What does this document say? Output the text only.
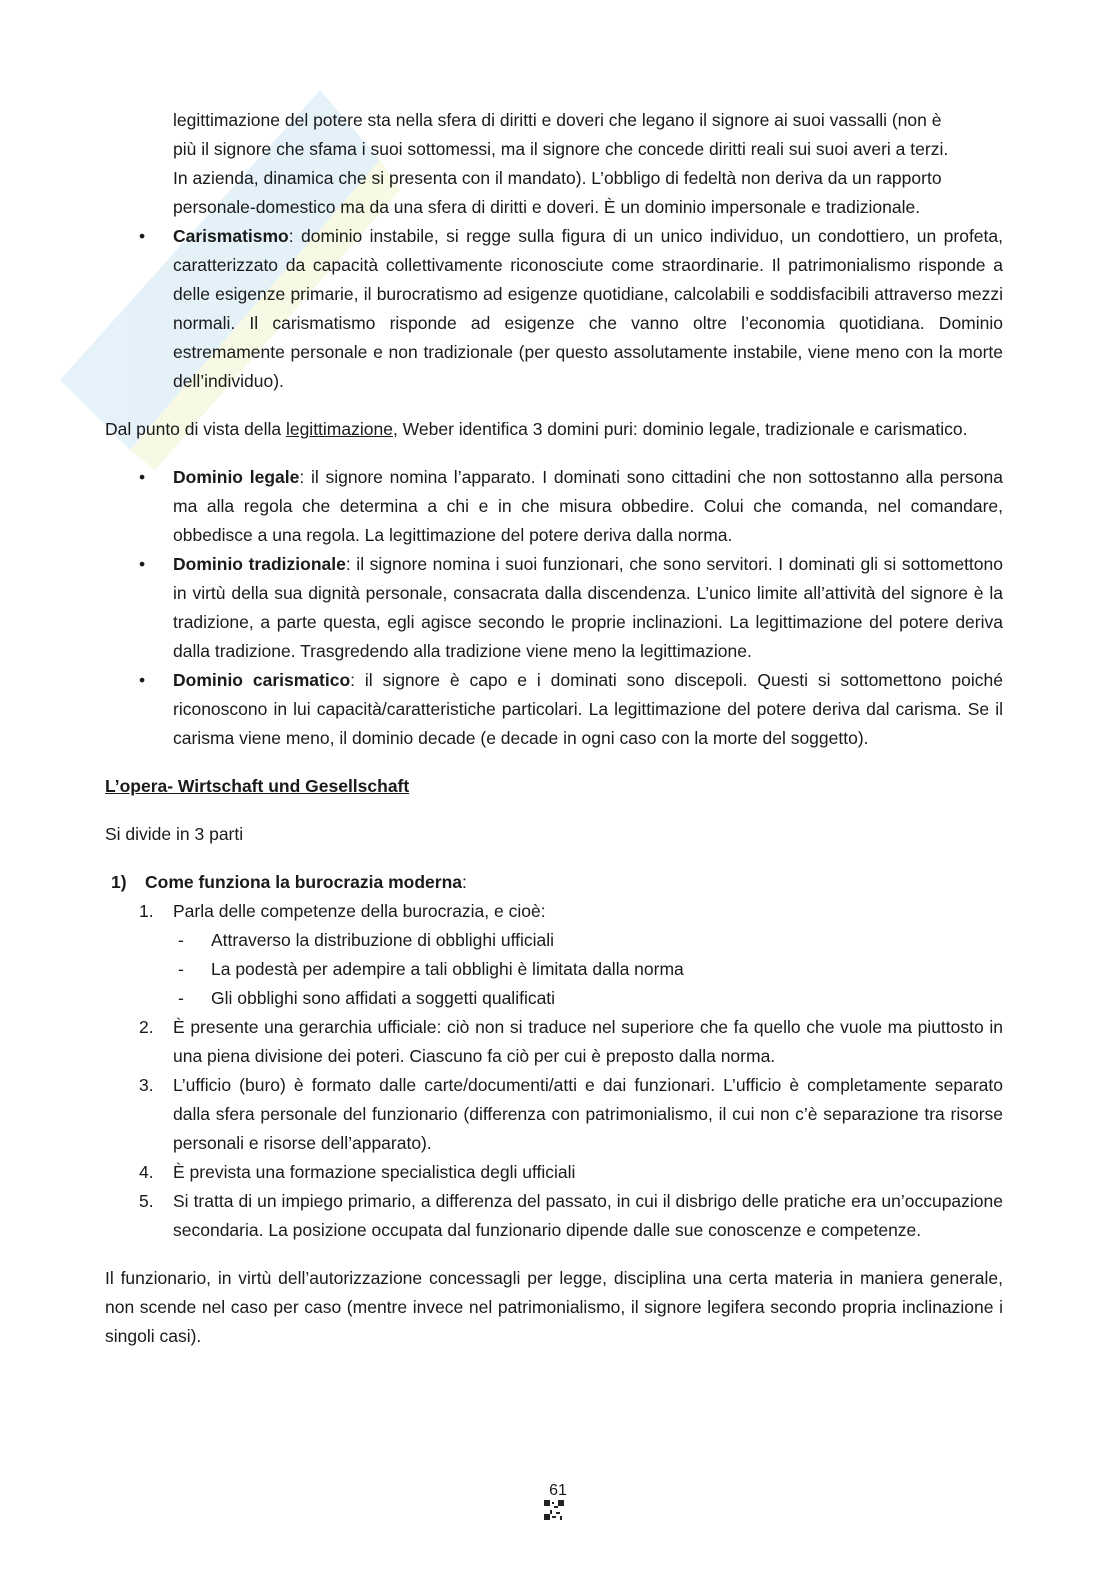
legittimazione del potere sta nella sfera di diritti e doveri che legano il signore ai suoi vassalli (non è

più il signore che sfama i suoi sottomessi, ma il signore che concede diritti reali sui suoi averi a terzi.

In azienda, dinamica che si presenta con il mandato). L’obbligo di fedeltà non deriva da un rapporto

personale-domestico ma da una sfera di diritti e doveri. È un dominio impersonale e tradizionale.

• Carismatismo: dominio instabile, si regge sulla figura di un unico individuo, un condottiero, un profeta, caratterizzato da capacità collettivamente riconosciute come straordinarie. Il patrimonialismo risponde a delle esigenze primarie, il burocratismo ad esigenze quotidiane, calcolabili e soddisfacibili attraverso mezzi normali. Il carismatismo risponde ad esigenze che vanno oltre l’economia quotidiana. Dominio estremamente personale e non tradizionale (per questo assolutamente instabile, viene meno con la morte dell’individuo).

Dal punto di vista della legittimazione, Weber identifica 3 domini puri: dominio legale, tradizionale e carismatico.

• Dominio legale: il signore nomina l’apparato. I dominati sono cittadini che non sottostanno alla persona ma alla regola che determina a chi e in che misura obbedire. Colui che comanda, nel comandare, obbedisce a una regola. La legittimazione del potere deriva dalla norma.
• Dominio tradizionale: il signore nomina i suoi funzionari, che sono servitori. I dominati gli si sottomettono in virtù della sua dignità personale, consacrata dalla discendenza. L’unico limite all’attività del signore è la tradizione, a parte questa, egli agisce secondo le proprie inclinazioni. La legittimazione del potere deriva dalla tradizione. Trasgredendo alla tradizione viene meno la legittimazione.
• Dominio carismatico: il signore è capo e i dominati sono discepoli. Questi si sottomettono poiché riconoscono in lui capacità/caratteristiche particolari. La legittimazione del potere deriva dal carisma. Se il carisma viene meno, il dominio decade (e decade in ogni caso con la morte del soggetto).

L’opera- Wirtschaft und Gesellschaft

Si divide in 3 parti

1) Come funziona la burocrazia moderna:
1. Parla delle competenze della burocrazia, e cioè:
- Attraverso la distribuzione di obblighi ufficiali
- La podestà per adempire a tali obblighi è limitata dalla norma
- Gli obblighi sono affidati a soggetti qualificati
2. È presente una gerarchia ufficiale: ciò non si traduce nel superiore che fa quello che vuole ma piuttosto in una piena divisione dei poteri. Ciascuno fa ciò per cui è preposto dalla norma.
3. L’ufficio (buro) è formato dalle carte/documenti/atti e dai funzionari. L’ufficio è completamente separato dalla sfera personale del funzionario (differenza con patrimonialismo, il cui non c’è separazione tra risorse personali e risorse dell’apparato).
4. È prevista una formazione specialistica degli ufficiali
5. Si tratta di un impiego primario, a differenza del passato, in cui il disbrigo delle pratiche era un’occupazione secondaria. La posizione occupata dal funzionario dipende dalle sue conoscenze e competenze.

Il funzionario, in virtù dell’autorizzazione concessagli per legge, disciplina una certa materia in maniera generale, non scende nel caso per caso (mentre invece nel patrimonialismo, il signore legifera secondo propria inclinazione i singoli casi).

61
